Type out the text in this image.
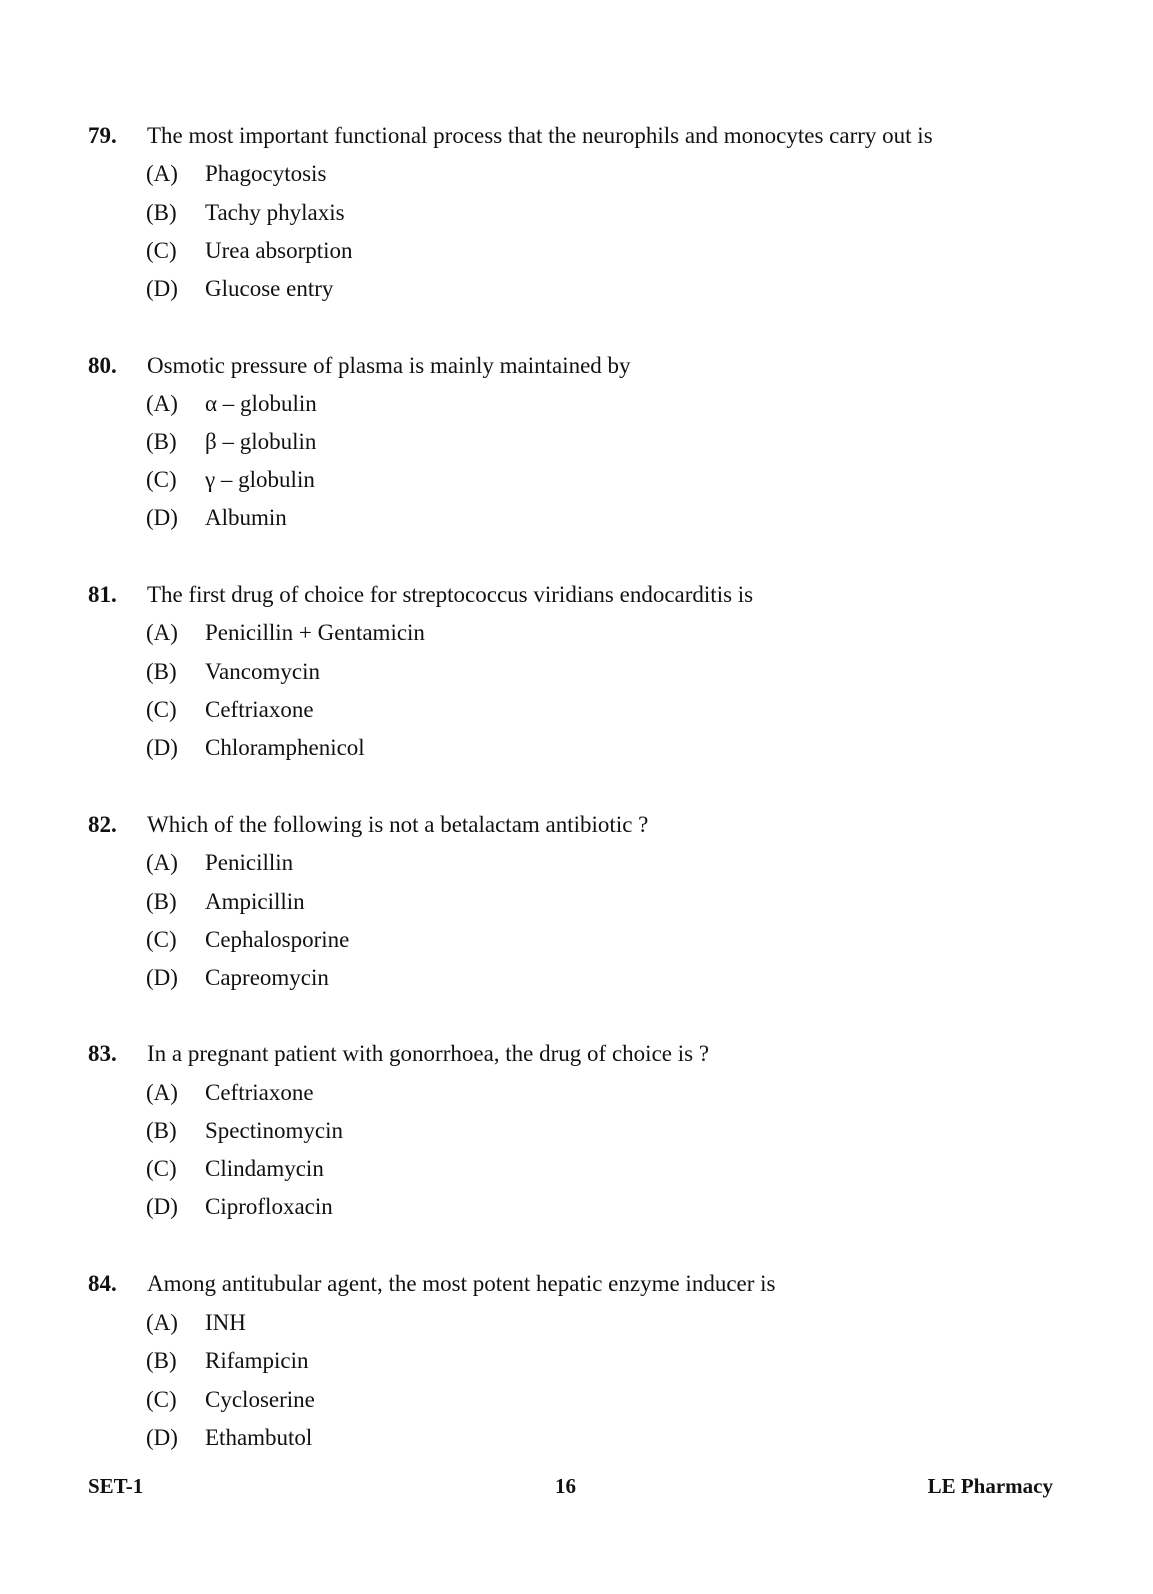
79. The most important functional process that the neurophils and monocytes carry out is
(A) Phagocytosis
(B) Tachy phylaxis
(C) Urea absorption
(D) Glucose entry
80. Osmotic pressure of plasma is mainly maintained by
(A) α – globulin
(B) β – globulin
(C) γ – globulin
(D) Albumin
81. The first drug of choice for streptococcus viridians endocarditis is
(A) Penicillin + Gentamicin
(B) Vancomycin
(C) Ceftriaxone
(D) Chloramphenicol
82. Which of the following is not a betalactam antibiotic ?
(A) Penicillin
(B) Ampicillin
(C) Cephalosporine
(D) Capreomycin
83. In a pregnant patient with gonorrhoea, the drug of choice is ?
(A) Ceftriaxone
(B) Spectinomycin
(C) Clindamycin
(D) Ciprofloxacin
84. Among antitubular agent, the most potent hepatic enzyme inducer is
(A) INH
(B) Rifampicin
(C) Cycloserine
(D) Ethambutol
SET-1	16	LE Pharmacy
